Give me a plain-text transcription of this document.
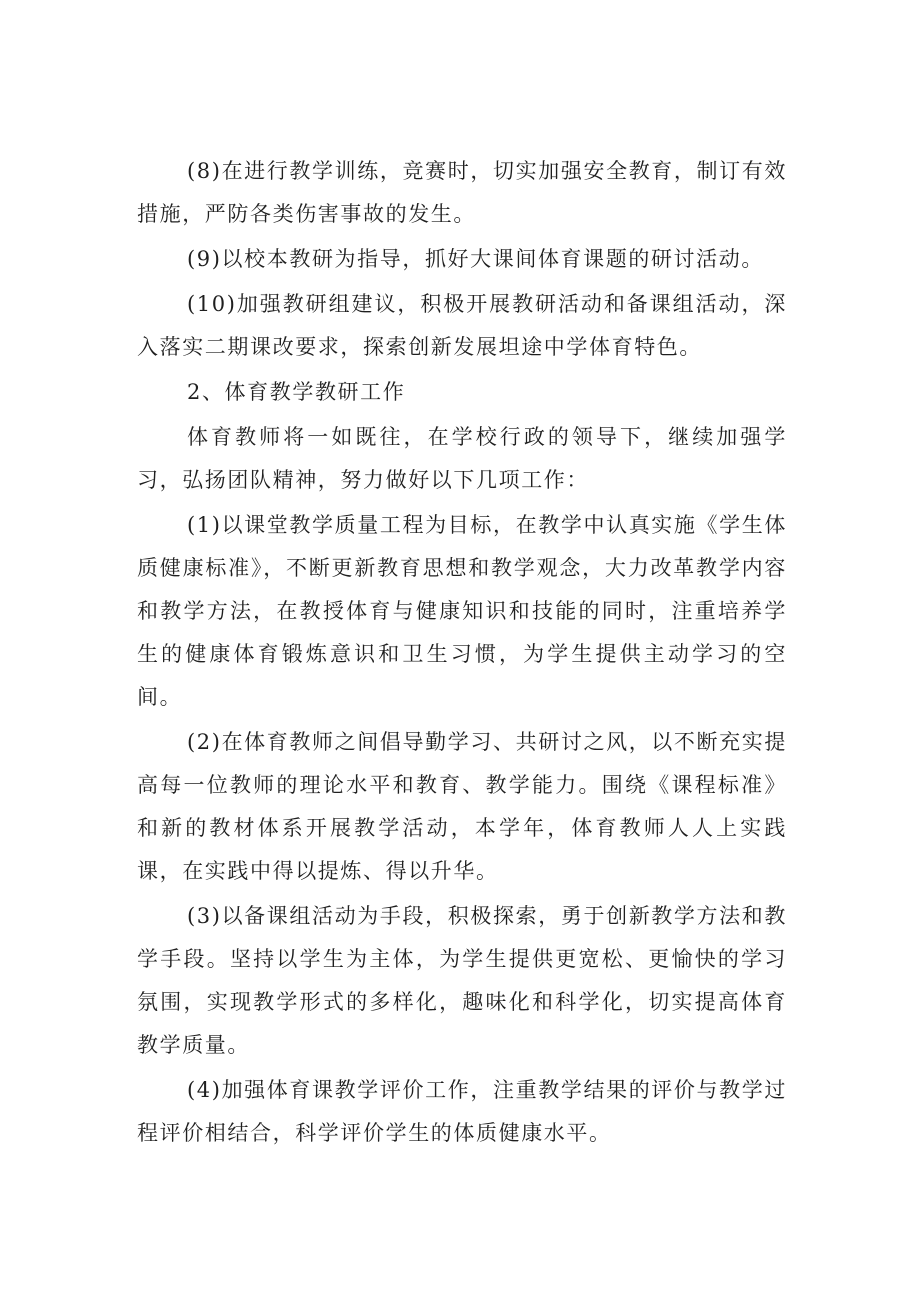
(8)在进行教学训练，竞赛时，切实加强安全教育，制订有效措施，严防各类伤害事故的发生。

(9)以校本教研为指导，抓好大课间体育课题的研讨活动。

(10)加强教研组建议，积极开展教研活动和备课组活动，深入落实二期课改要求，探索创新发展坦途中学体育特色。

2、体育教学教研工作

体育教师将一如既往，在学校行政的领导下，继续加强学习，弘扬团队精神，努力做好以下几项工作：

(1)以课堂教学质量工程为目标，在教学中认真实施《学生体质健康标准》，不断更新教育思想和教学观念，大力改革教学内容和教学方法，在教授体育与健康知识和技能的同时，注重培养学生的健康体育锻炼意识和卫生习惯，为学生提供主动学习的空间。

(2)在体育教师之间倡导勤学习、共研讨之风，以不断充实提高每一位教师的理论水平和教育、教学能力。围绕《课程标准》和新的教材体系开展教学活动，本学年，体育教师人人上实践课，在实践中得以提炼、得以升华。

(3)以备课组活动为手段，积极探索，勇于创新教学方法和教学手段。坚持以学生为主体，为学生提供更宽松、更愉快的学习氛围，实现教学形式的多样化，趣味化和科学化，切实提高体育教学质量。

(4)加强体育课教学评价工作，注重教学结果的评价与教学过程评价相结合，科学评价学生的体质健康水平。
